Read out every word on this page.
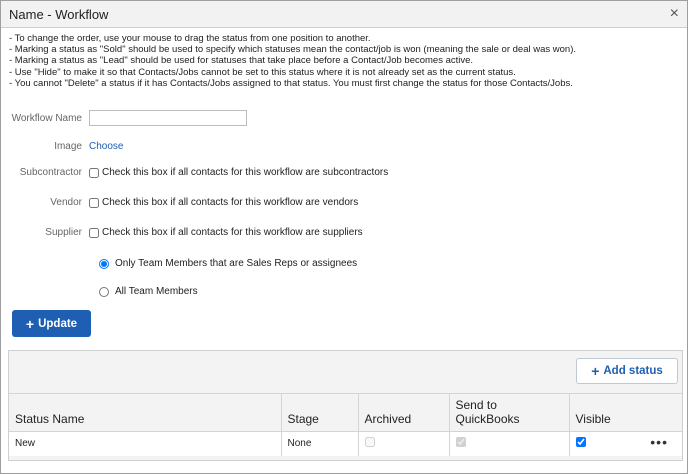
Name - Workflow	×
- To change the order, use your mouse to drag the status from one position to another.
- Marking a status as "Sold" should be used to specify which statuses mean the contact/job is won (meaning the sale or deal was won).
- Marking a status as "Lead" should be used for statuses that take place before a Contact/Job becomes active.
- Use "Hide" to make it so that Contacts/Jobs cannot be set to this status where it is not already set as the current status.
- You cannot "Delete" a status if it has Contacts/Jobs assigned to that status. You must first change the status for those Contacts/Jobs.
Workflow Name
Image Choose
Subcontractor	Check this box if all contacts for this workflow are subcontractors
Vendor	Check this box if all contacts for this workflow are vendors
Supplier	Check this box if all contacts for this workflow are suppliers
Only Team Members that are Sales Reps or assignees
All Team Members
+ Update
+ Add status
Status Name	Stage	Archived	Send to QuickBooks	Visible
New	None			•••
